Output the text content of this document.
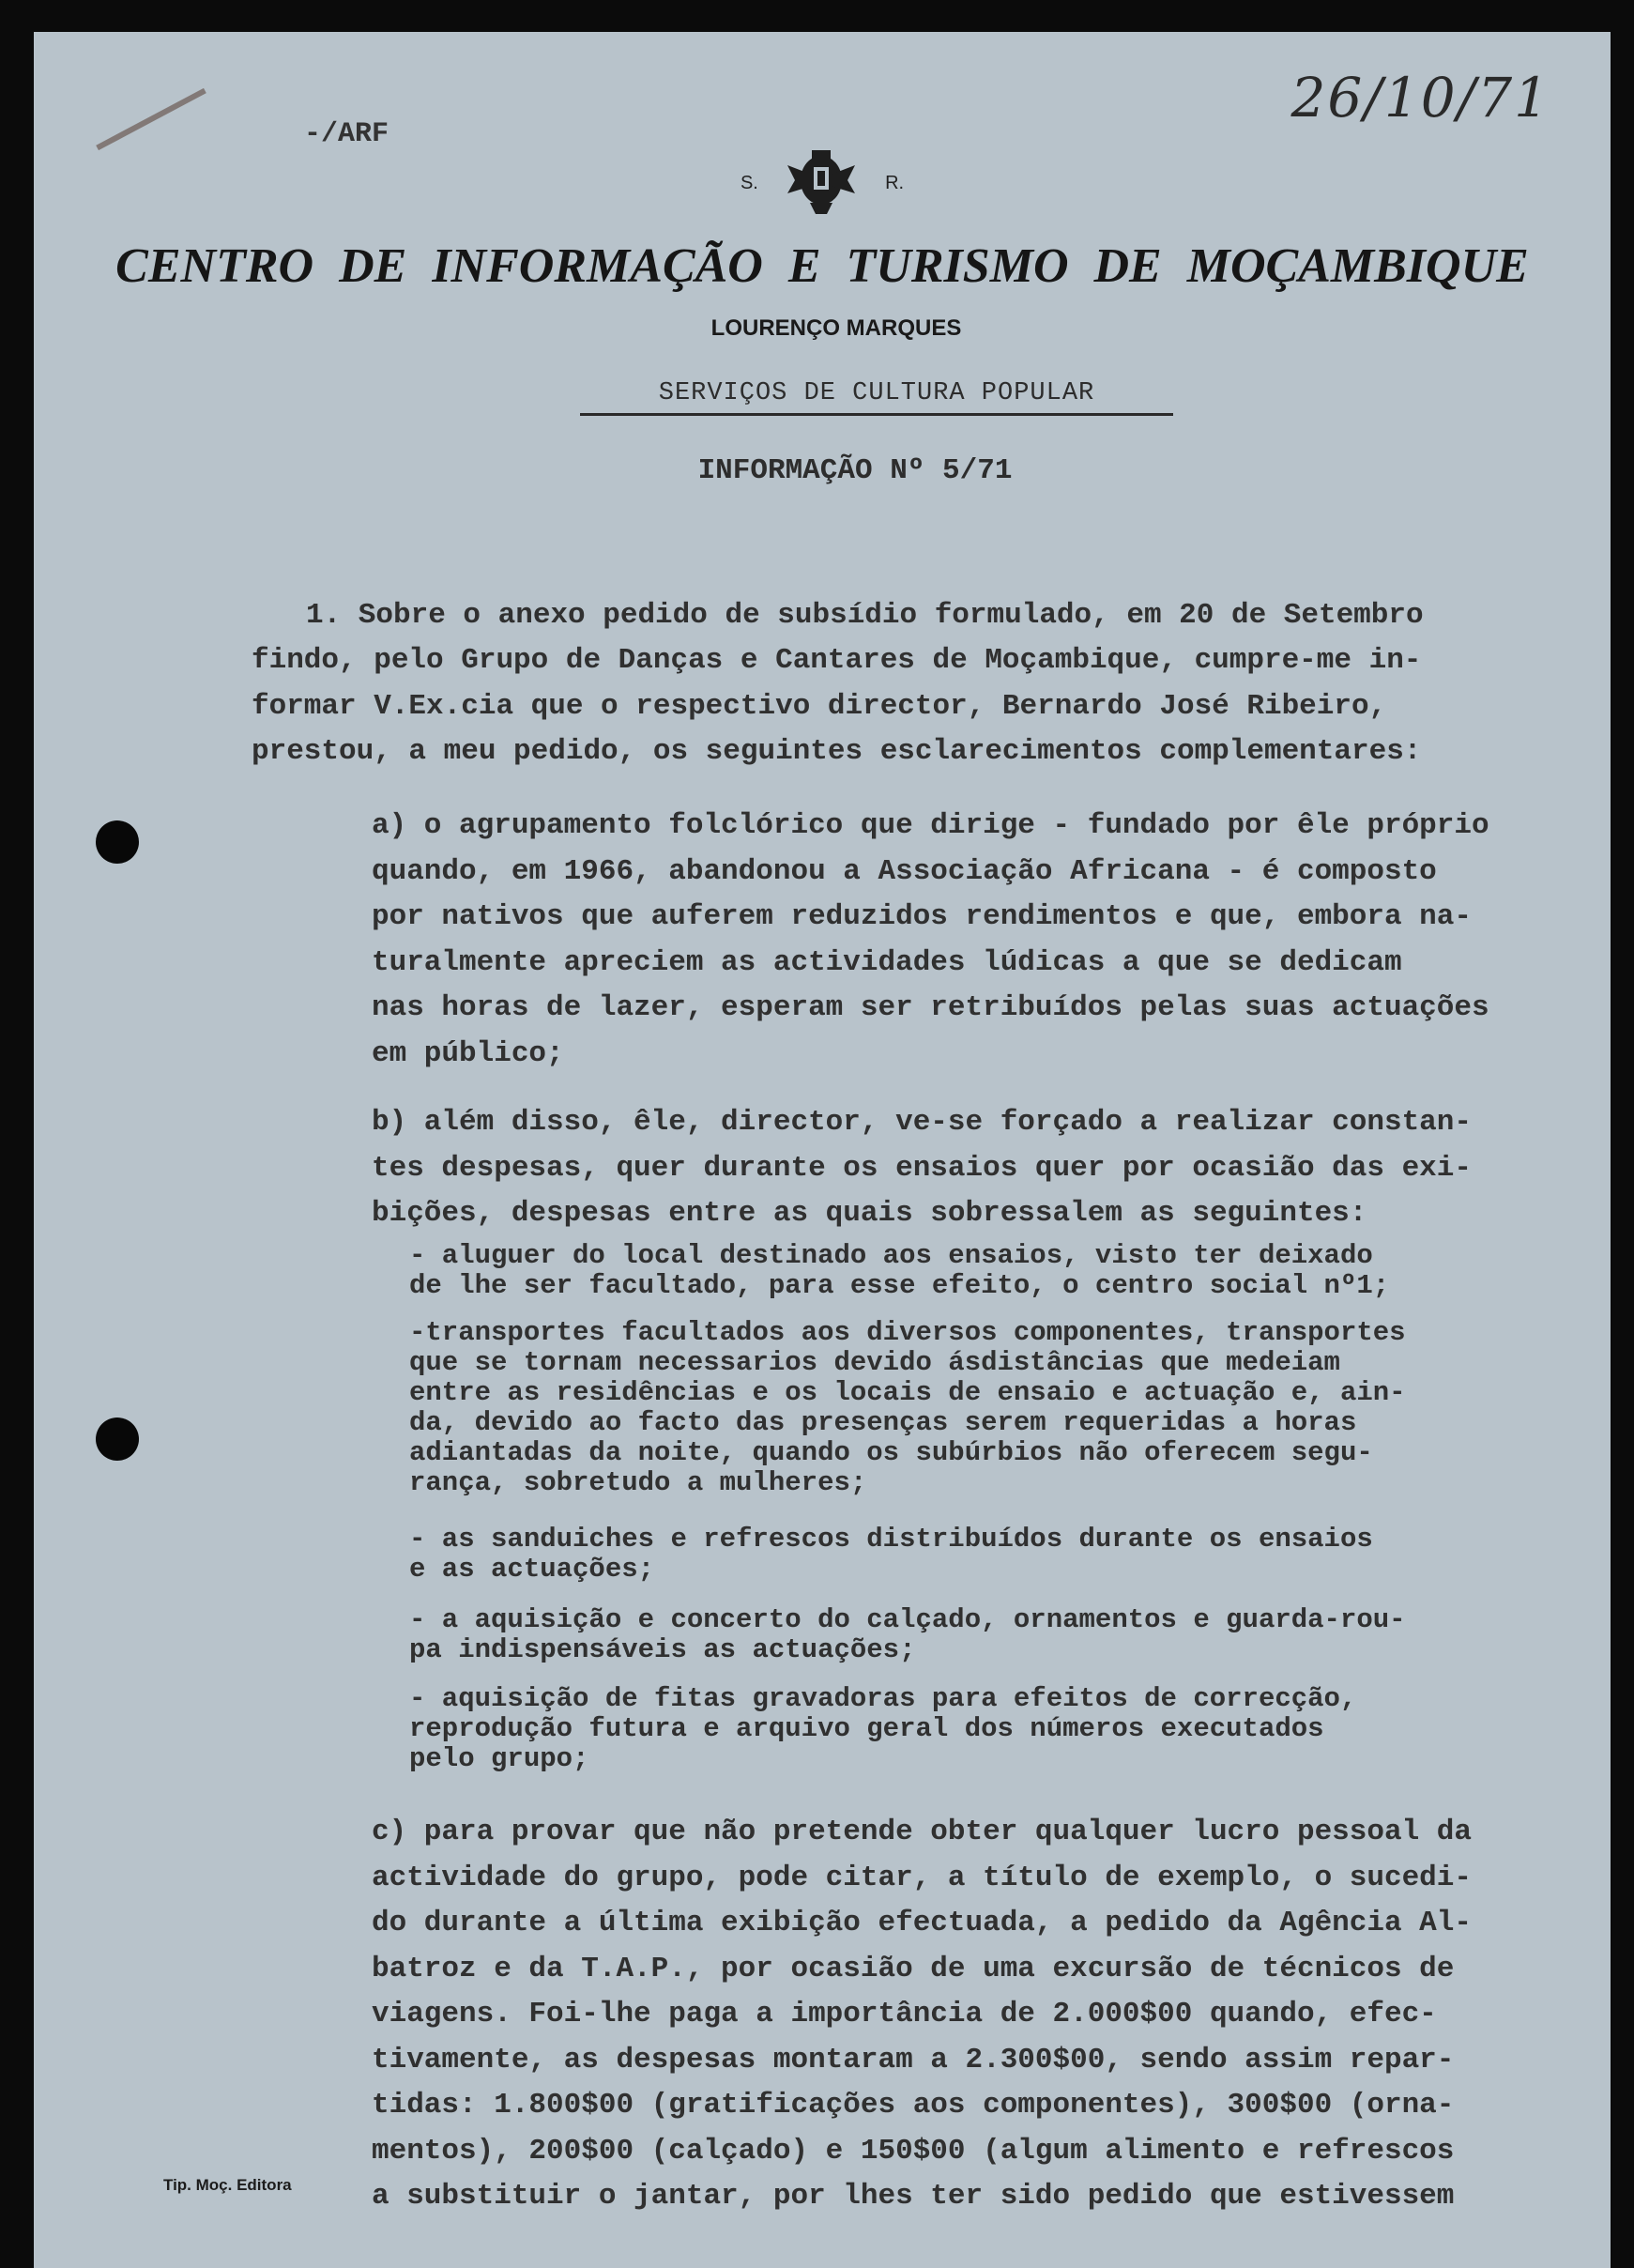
26/10/71
-/ARF
S.	R.
CENTRO DE INFORMAÇÃO E TURISMO DE MOÇAMBIQUE
LOURENÇO MARQUES
SERVIÇOS DE CULTURA POPULAR
INFORMAÇÃO Nº 5/71

1. Sobre o anexo pedido de subsídio formulado, em 20 de Setembro

findo, pelo Grupo de Danças e Cantares de Moçambique, cumpre-me in-

formar V.Ex.cia que o respectivo director, Bernardo José Ribeiro,

prestou, a meu pedido, os seguintes esclarecimentos complementares:

a) o agrupamento folclórico que dirige - fundado por êle próprio

quando, em 1966, abandonou a Associação Africana - é composto

por nativos que auferem reduzidos rendimentos e que, embora na-

turalmente apreciem as actividades lúdicas a que se dedicam

nas horas de lazer, esperam ser retribuídos pelas suas actuações

em público;

b) além disso, êle, director, ve-se forçado a realizar constan-

tes despesas, quer durante os ensaios quer por ocasião das exi-

bições, despesas entre as quais sobressalem as seguintes:

- aluguer do local destinado aos ensaios, visto ter deixado

de lhe ser facultado, para esse efeito, o centro social nº1;

-transportes facultados aos diversos componentes, transportes

que se tornam necessarios devido ásdistâncias que medeiam

entre as residências e os locais de ensaio e actuação e, ain-

da, devido ao facto das presenças serem requeridas a horas

adiantadas da noite, quando os subúrbios não oferecem segu-

rança, sobretudo a mulheres;

- as sanduiches e refrescos distribuídos durante os ensaios

e as actuações;

- a aquisição e concerto do calçado, ornamentos e guarda-rou-

pa indispensáveis as actuações;

- aquisição de fitas gravadoras para efeitos de correcção,

reprodução futura e arquivo geral dos números executados

pelo grupo;

c) para provar que não pretende obter qualquer lucro pessoal da

actividade do grupo, pode citar, a título de exemplo, o sucedi-

do durante a última exibição efectuada, a pedido da Agência Al-

batroz e da T.A.P., por ocasião de uma excursão de técnicos de

viagens. Foi-lhe paga a importância de 2.000$00 quando, efec-

tivamente, as despesas montaram a 2.300$00, sendo assim repar-

tidas: 1.800$00 (gratificações aos componentes), 300$00 (orna-

mentos), 200$00 (calçado) e 150$00 (algum alimento e refrescos

a substituir o jantar, por lhes ter sido pedido que estivessem

Tip. Moç. Editora
